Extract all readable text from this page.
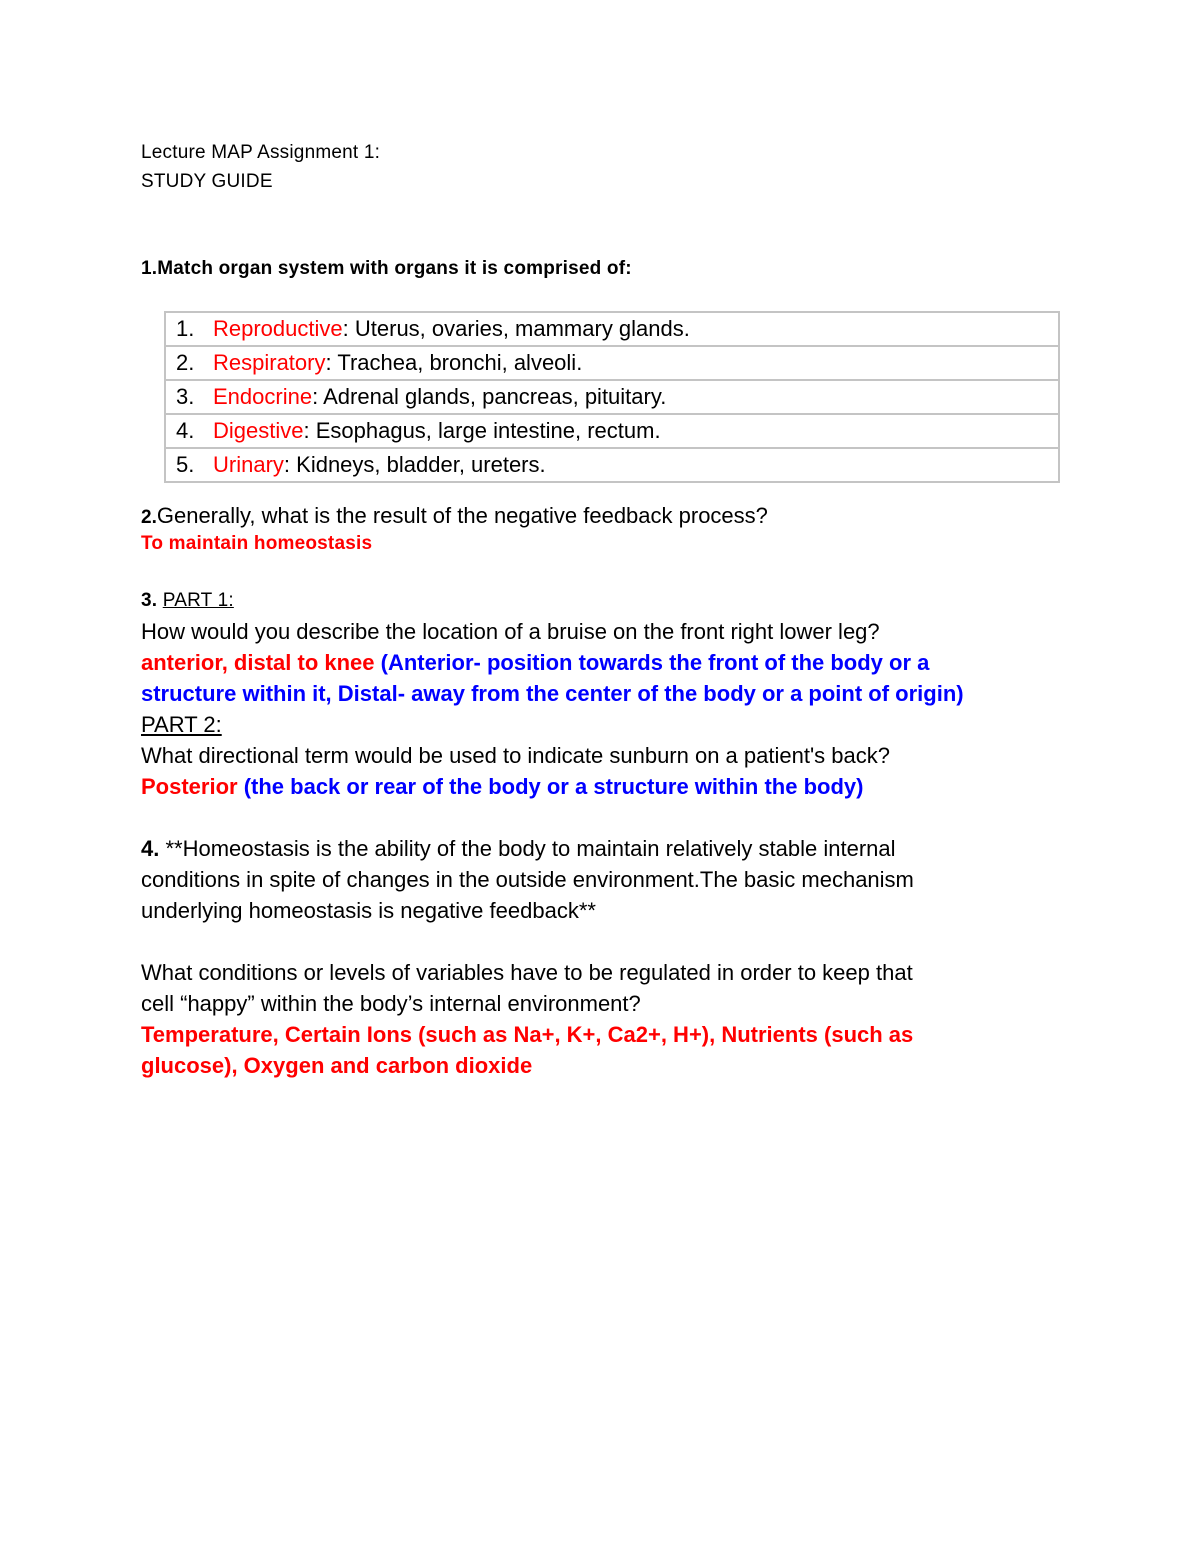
Lecture MAP Assignment 1:
STUDY GUIDE
1.Match organ system with organs it is comprised of:
1. Reproductive: Uterus, ovaries, mammary glands.
2. Respiratory: Trachea, bronchi, alveoli.
3. Endocrine: Adrenal glands, pancreas, pituitary.
4. Digestive: Esophagus, large intestine, rectum.
5. Urinary: Kidneys, bladder, ureters.
2.Generally, what is the result of the negative feedback process?
To maintain homeostasis
3. PART 1:
How would you describe the location of a bruise on the front right lower leg?
anterior, distal to knee (Anterior- position towards the front of the body or a
structure within it, Distal- away from the center of the body or a point of origin)
PART 2:
What directional term would be used to indicate sunburn on a patient's back?
Posterior (the back or rear of the body or a structure within the body)
4. **Homeostasis is the ability of the body to maintain relatively stable internal
conditions in spite of changes in the outside environment.The basic mechanism
underlying homeostasis is negative feedback**
What conditions or levels of variables have to be regulated in order to keep that
cell “happy” within the body’s internal environment?
Temperature, Certain Ions (such as Na+, K+, Ca2+, H+), Nutrients (such as
glucose), Oxygen and carbon dioxide
